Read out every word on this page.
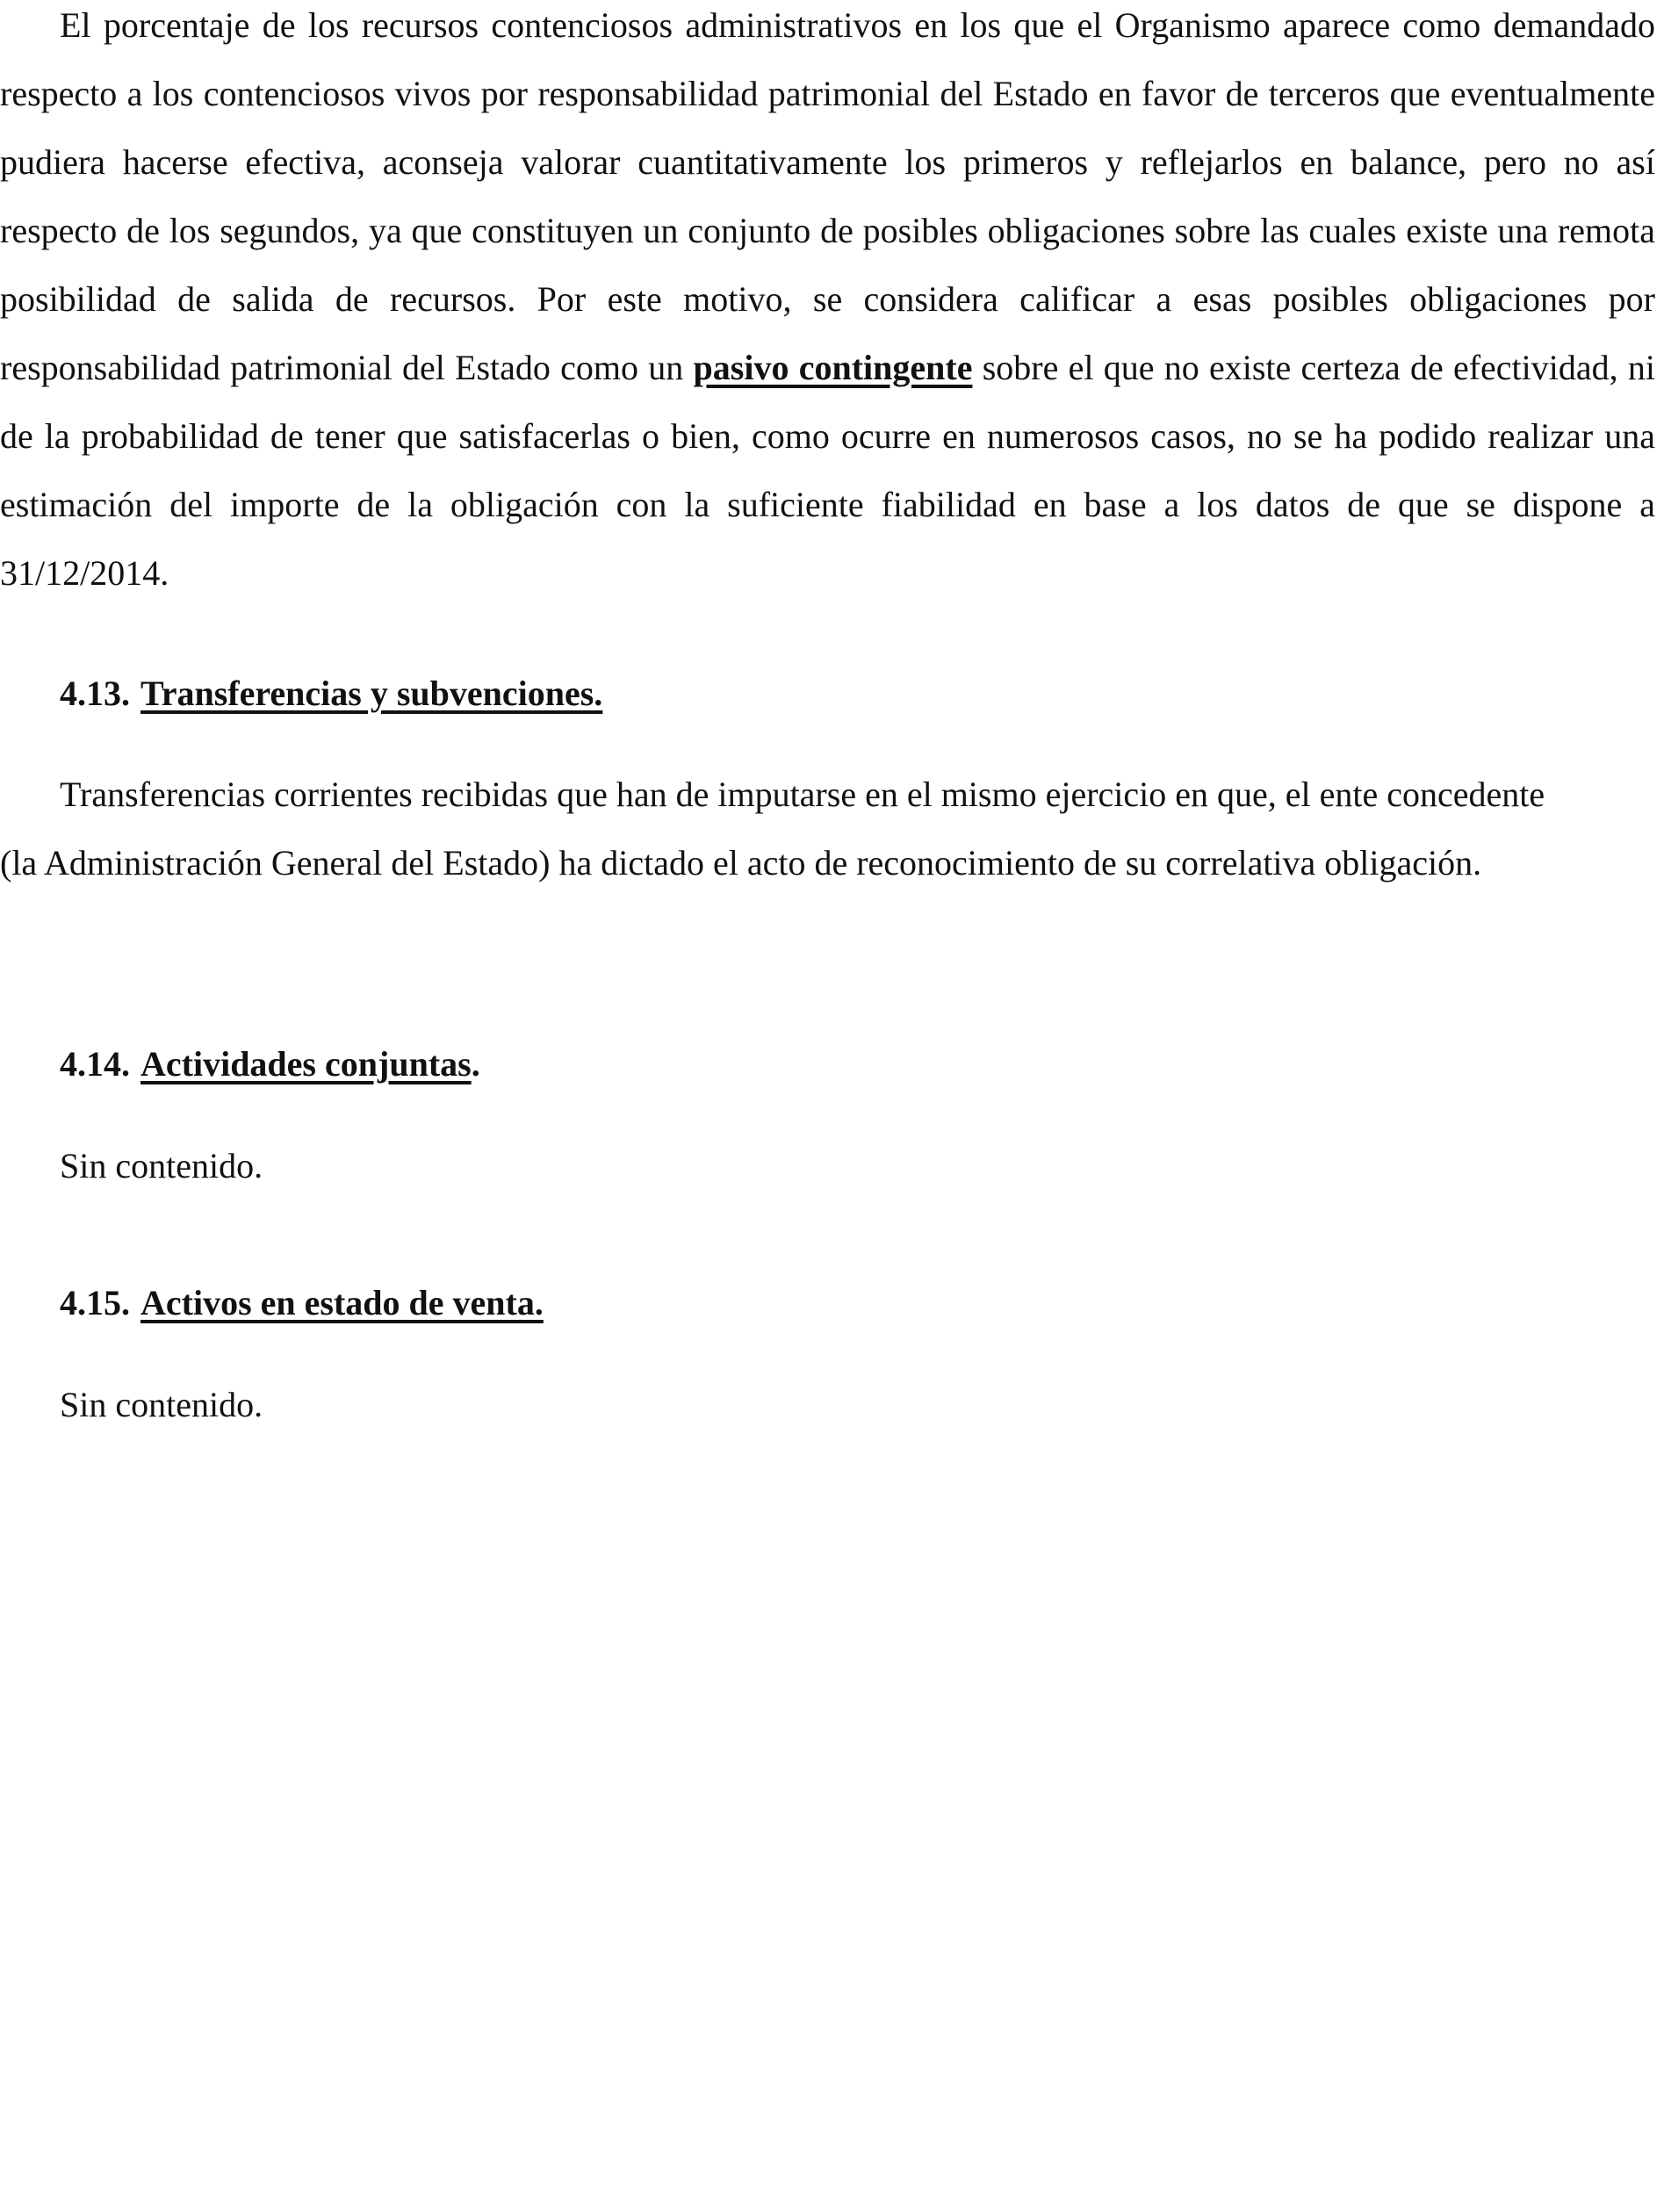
El porcentaje de los recursos contenciosos administrativos en los que el Organismo aparece como demandado respecto a los contenciosos vivos por responsabilidad patrimonial del Estado en favor de terceros que eventualmente pudiera hacerse efectiva, aconseja valorar cuantitativamente los primeros y reflejarlos en balance, pero no así respecto de los segundos, ya que constituyen un conjunto de posibles obligaciones sobre las cuales existe una remota posibilidad de salida de recursos. Por este motivo, se considera calificar a esas posibles obligaciones por responsabilidad patrimonial del Estado como un pasivo contingente sobre el que no existe certeza de efectividad, ni de la probabilidad de tener que satisfacerlas o bien, como ocurre en numerosos casos, no se ha podido realizar una estimación del importe de la obligación con la suficiente fiabilidad en base a los datos de que se dispone a 31/12/2014.

4.13. Transferencias y subvenciones.

Transferencias corrientes recibidas que han de imputarse en el mismo ejercicio en que, el ente concedente (la Administración General del Estado) ha dictado el acto de reconocimiento de su correlativa obligación.

4.14. Actividades conjuntas.

Sin contenido.

4.15. Activos en estado de venta.

Sin contenido.
